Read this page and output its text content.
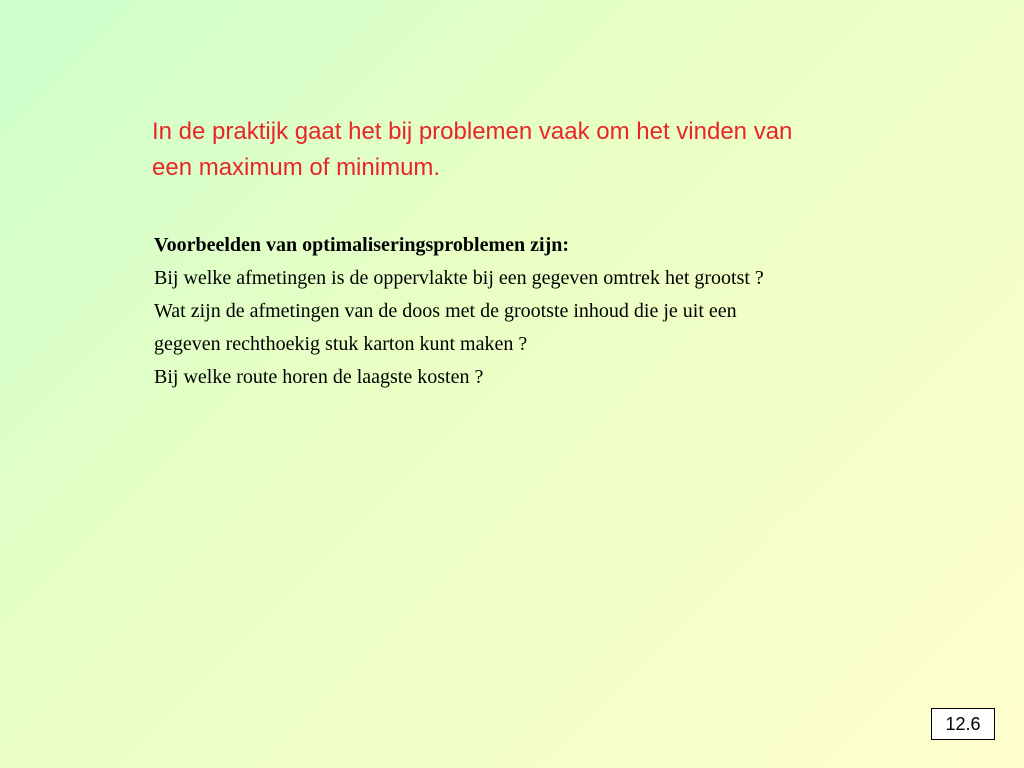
In de praktijk gaat het bij problemen vaak om het vinden van
een maximum of minimum.
Voorbeelden van optimaliseringsproblemen zijn:
Bij welke afmetingen is de oppervlakte bij een gegeven omtrek het grootst ?
Wat zijn de afmetingen van de doos met de grootste inhoud die je uit een
gegeven rechthoekig stuk karton kunt maken ?
Bij welke route horen de laagste kosten ?
12.6
